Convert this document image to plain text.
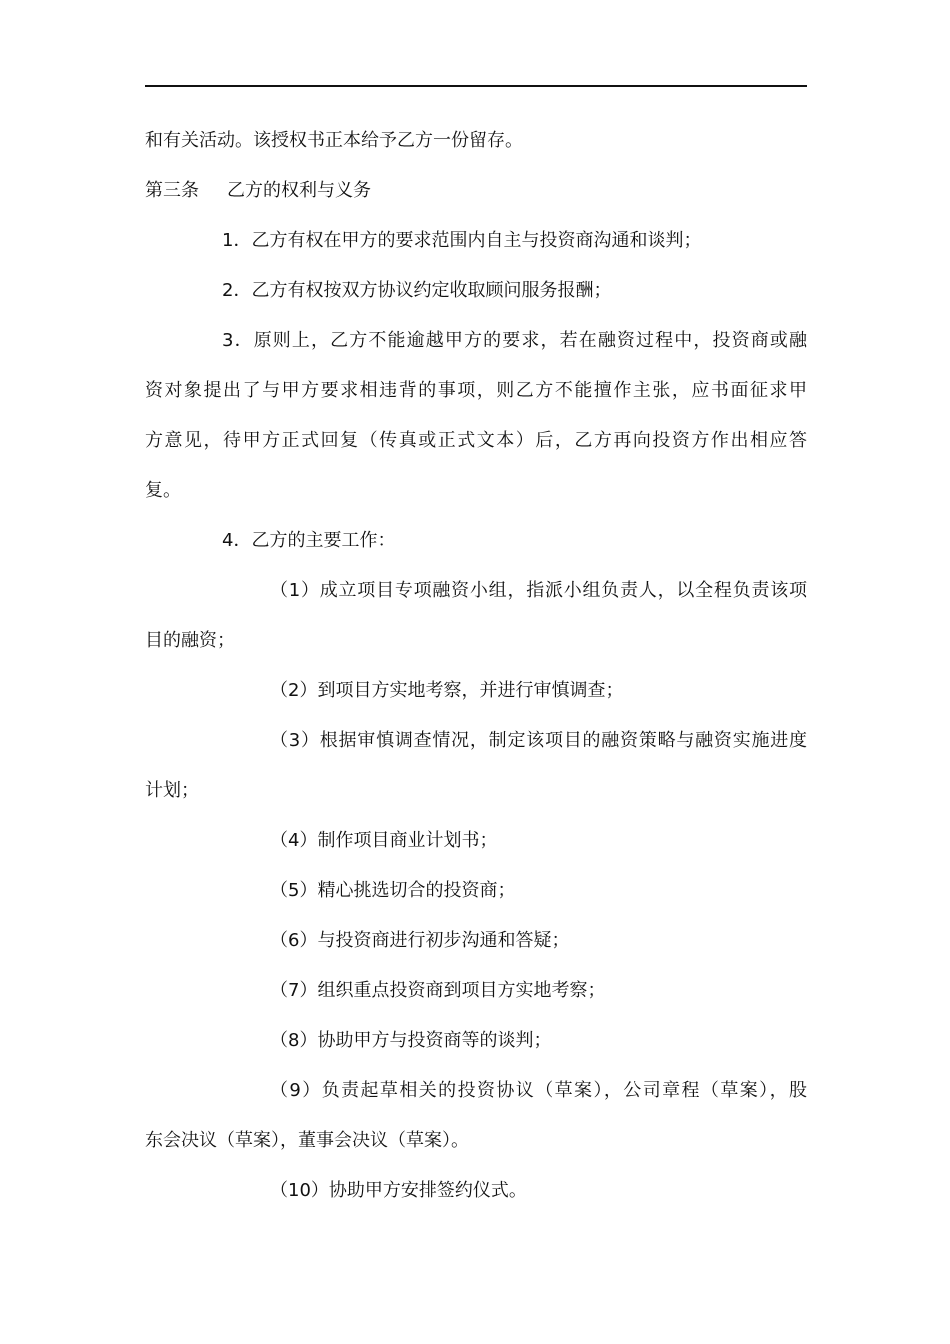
和有关活动。该授权书正本给予乙方一份留存。
第三条 乙方的权利与义务
1．乙方有权在甲方的要求范围内自主与投资商沟通和谈判；
2．乙方有权按双方协议约定收取顾问服务报酬；
3．原则上，乙方不能逾越甲方的要求，若在融资过程中，投资商或融
资对象提出了与甲方要求相违背的事项，则乙方不能擅作主张，应书面征求甲
方意见，待甲方正式回复（传真或正式文本）后，乙方再向投资方作出相应答
复。
4．乙方的主要工作：
（1）成立项目专项融资小组，指派小组负责人，以全程负责该项
目的融资；
（2）到项目方实地考察，并进行审慎调查；
（3）根据审慎调查情况，制定该项目的融资策略与融资实施进度
计划；
（4）制作项目商业计划书；
（5）精心挑选切合的投资商；
（6）与投资商进行初步沟通和答疑；
（7）组织重点投资商到项目方实地考察；
（8）协助甲方与投资商等的谈判；
（9）负责起草相关的投资协议（草案），公司章程（草案），股
东会决议（草案），董事会决议（草案）。
（10）协助甲方安排签约仪式。
